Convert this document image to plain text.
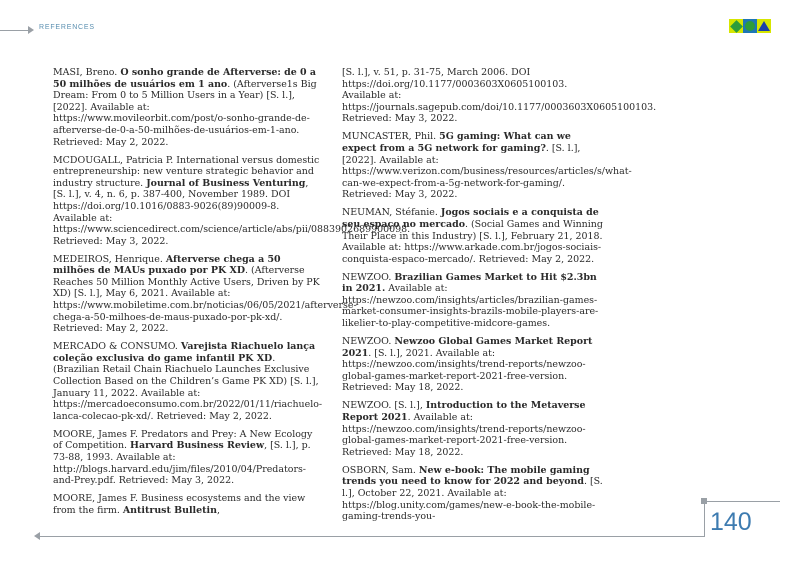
REFERENCES

MASI, Breno. O sonho grande de Afterverse: de 0 a 50 milhões de usuários em 1 ano. (Afterverse1s Big Dream: From 0 to 5 Million Users in a Year) [S. l.], [2022]. Available at: https://www.movileorbit.com/post/o-sonho-grande-de-afterverse-de-0-a-50-milhões-de-usuários-em-1-ano. Retrieved: May 2, 2022.

MCDOUGALL, Patricia P. International versus domestic entrepreneurship: new venture strategic behavior and industry structure. Journal of Business Venturing, [S. l.], v. 4, n. 6, p. 387-400, November 1989. DOI https://doi.org/10.1016/0883-9026(89)90009-8. Available at: https://www.sciencedirect.com/science/article/abs/pii/0883902689900098. Retrieved: May 3, 2022.

MEDEIROS, Henrique. Afterverse chega a 50 milhões de MAUs puxado por PK XD. (Afterverse Reaches 50 Million Monthly Active Users, Driven by PK XD) [S. l.], May 6, 2021. Available at: https://www.mobiletime.com.br/noticias/06/05/2021/afterverse-chega-a-50-milhoes-de-maus-puxado-por-pk-xd/. Retrieved: May 2, 2022.

MERCADO & CONSUMO. Varejista Riachuelo lança coleção exclusiva do game infantil PK XD. (Brazilian Retail Chain Riachuelo Launches Exclusive Collection Based on the Children’s Game PK XD) [S. l.], January 11, 2022. Available at: https://mercadoeconsumo.com.br/2022/01/11/riachuelo-lanca-colecao-pk-xd/. Retrieved: May 2, 2022.

MOORE, James F. Predators and Prey: A New Ecology of Competition. Harvard Business Review, [S. l.], p. 73-88, 1993. Available at: http://blogs.harvard.edu/jim/files/2010/04/Predators-and-Prey.pdf. Retrieved: May 3, 2022.

MOORE, James F. Business ecosystems and the view from the firm. Antitrust Bulletin,

[S. l.], v. 51, p. 31-75, March 2006. DOI https://doi.org/10.1177/0003603X0605100103. Available at: https://journals.sagepub.com/doi/10.1177/0003603X0605100103. Retrieved: May 3, 2022.

MUNCASTER, Phil. 5G gaming: What can we expect from a 5G network for gaming?. [S. l.], [2022]. Available at: https://www.verizon.com/business/resources/articles/s/what-can-we-expect-from-a-5g-network-for-gaming/. Retrieved: May 3, 2022.

NEUMAN, Stéfanie. Jogos sociais e a conquista de seu espaço no mercado. (Social Games and Winning Their Place in this Industry) [S. l.], February 21, 2018. Available at: https://www.arkade.com.br/jogos-sociais-conquista-espaco-mercado/. Retrieved: May 2, 2022.

NEWZOO. Brazilian Games Market to Hit $2.3bn in 2021. Available at: https://newzoo.com/insights/articles/brazilian-games-market-consumer-insights-brazils-mobile-players-are-likelier-to-play-competitive-midcore-games.

NEWZOO. Newzoo Global Games Market Report 2021. [S. l.], 2021. Available at: https://newzoo.com/insights/trend-reports/newzoo-global-games-market-report-2021-free-version. Retrieved: May 18, 2022.

NEWZOO. [S. l.], Introduction to the Metaverse Report 2021. Available at: https://newzoo.com/insights/trend-reports/newzoo-global-games-market-report-2021-free-version. Retrieved: May 18, 2022.

OSBORN, Sam. New e-book: The mobile gaming trends you need to know for 2022 and beyond. [S. l.], October 22, 2021. Available at: https://blog.unity.com/games/new-e-book-the-mobile-gaming-trends-you-	140
